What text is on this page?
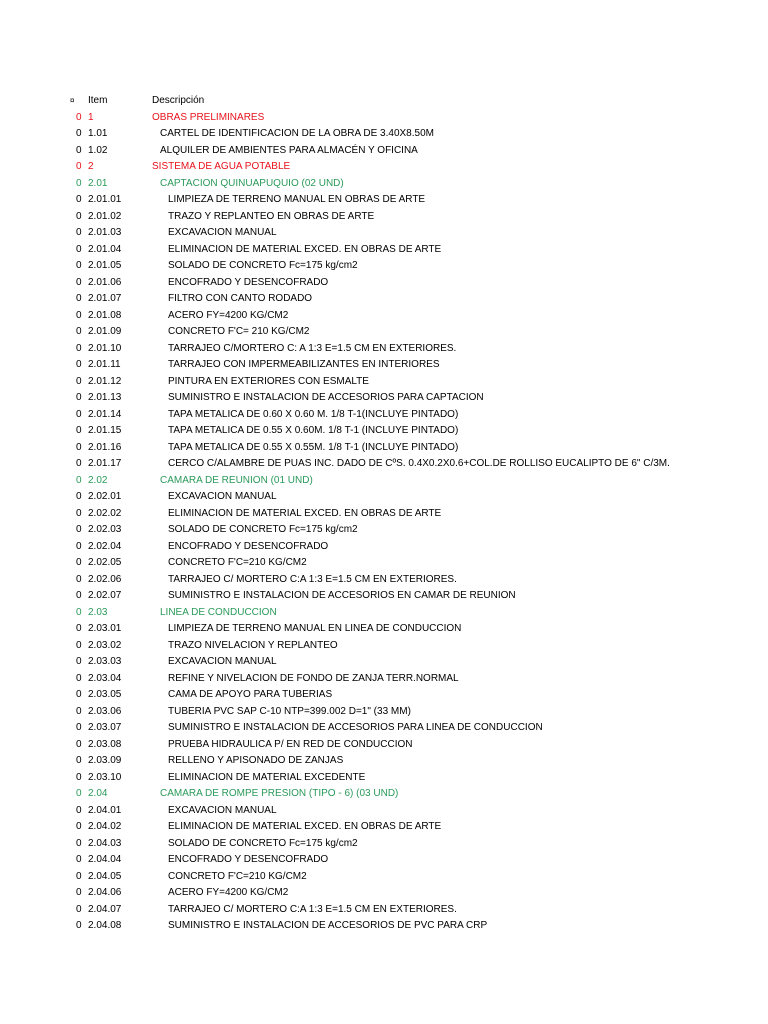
¤ Item	Descripción
0 1	OBRAS PRELIMINARES
0 1.01	CARTEL DE IDENTIFICACION DE LA OBRA DE 3.40X8.50M
0 1.02	ALQUILER DE AMBIENTES PARA ALMACÉN Y OFICINA
0 2	SISTEMA DE AGUA POTABLE
0 2.01	CAPTACION QUINUAPUQUIO (02 UND)
0 2.01.01	LIMPIEZA DE TERRENO MANUAL EN OBRAS DE ARTE
0 2.01.02	TRAZO Y REPLANTEO EN OBRAS DE ARTE
0 2.01.03	EXCAVACION MANUAL
0 2.01.04	ELIMINACION DE MATERIAL EXCED. EN OBRAS DE ARTE
0 2.01.05	SOLADO DE CONCRETO Fc=175 kg/cm2
0 2.01.06	ENCOFRADO Y DESENCOFRADO
0 2.01.07	FILTRO CON CANTO RODADO
0 2.01.08	ACERO FY=4200 KG/CM2
0 2.01.09	CONCRETO F'C= 210 KG/CM2
0 2.01.10	TARRAJEO C/MORTERO C: A 1:3 E=1.5 CM EN EXTERIORES.
0 2.01.11	TARRAJEO CON IMPERMEABILIZANTES EN INTERIORES
0 2.01.12	PINTURA EN EXTERIORES CON ESMALTE
0 2.01.13	SUMINISTRO E INSTALACION DE ACCESORIOS PARA CAPTACION
0 2.01.14	TAPA METALICA DE 0.60 X 0.60 M. 1/8 T-1(INCLUYE PINTADO)
0 2.01.15	TAPA METALICA DE 0.55 X 0.60M. 1/8 T-1 (INCLUYE PINTADO)
0 2.01.16	TAPA METALICA DE 0.55 X 0.55M. 1/8 T-1 (INCLUYE PINTADO)
0 2.01.17	CERCO C/ALAMBRE DE PUAS INC. DADO DE CºS. 0.4X0.2X0.6+COL.DE ROLLISO EUCALIPTO DE 6" C/3M.
0 2.02	CAMARA DE REUNION (01 UND)
0 2.02.01	EXCAVACION MANUAL
0 2.02.02	ELIMINACION DE MATERIAL EXCED. EN OBRAS DE ARTE
0 2.02.03	SOLADO DE CONCRETO Fc=175 kg/cm2
0 2.02.04	ENCOFRADO Y DESENCOFRADO
0 2.02.05	CONCRETO F'C=210 KG/CM2
0 2.02.06	TARRAJEO C/ MORTERO C:A 1:3 E=1.5 CM EN EXTERIORES.
0 2.02.07	SUMINISTRO E INSTALACION DE ACCESORIOS EN CAMAR DE REUNION
0 2.03	LINEA DE CONDUCCION
0 2.03.01	LIMPIEZA DE TERRENO MANUAL EN LINEA DE CONDUCCION
0 2.03.02	TRAZO NIVELACION Y REPLANTEO
0 2.03.03	EXCAVACION MANUAL
0 2.03.04	REFINE Y NIVELACION DE FONDO DE ZANJA TERR.NORMAL
0 2.03.05	CAMA DE APOYO PARA TUBERIAS
0 2.03.06	TUBERIA PVC SAP C-10 NTP=399.002 D=1" (33 MM)
0 2.03.07	SUMINISTRO E INSTALACION DE ACCESORIOS PARA LINEA DE CONDUCCION
0 2.03.08	PRUEBA HIDRAULICA P/ EN RED DE CONDUCCION
0 2.03.09	RELLENO Y APISONADO DE ZANJAS
0 2.03.10	ELIMINACION DE MATERIAL EXCEDENTE
0 2.04	CAMARA DE ROMPE PRESION (TIPO - 6) (03 UND)
0 2.04.01	EXCAVACION MANUAL
0 2.04.02	ELIMINACION DE MATERIAL EXCED. EN OBRAS DE ARTE
0 2.04.03	SOLADO DE CONCRETO Fc=175 kg/cm2
0 2.04.04	ENCOFRADO Y DESENCOFRADO
0 2.04.05	CONCRETO F'C=210 KG/CM2
0 2.04.06	ACERO FY=4200 KG/CM2
0 2.04.07	TARRAJEO C/ MORTERO C:A 1:3 E=1.5 CM EN EXTERIORES.
0 2.04.08	SUMINISTRO E INSTALACION DE ACCESORIOS DE PVC PARA CRP
